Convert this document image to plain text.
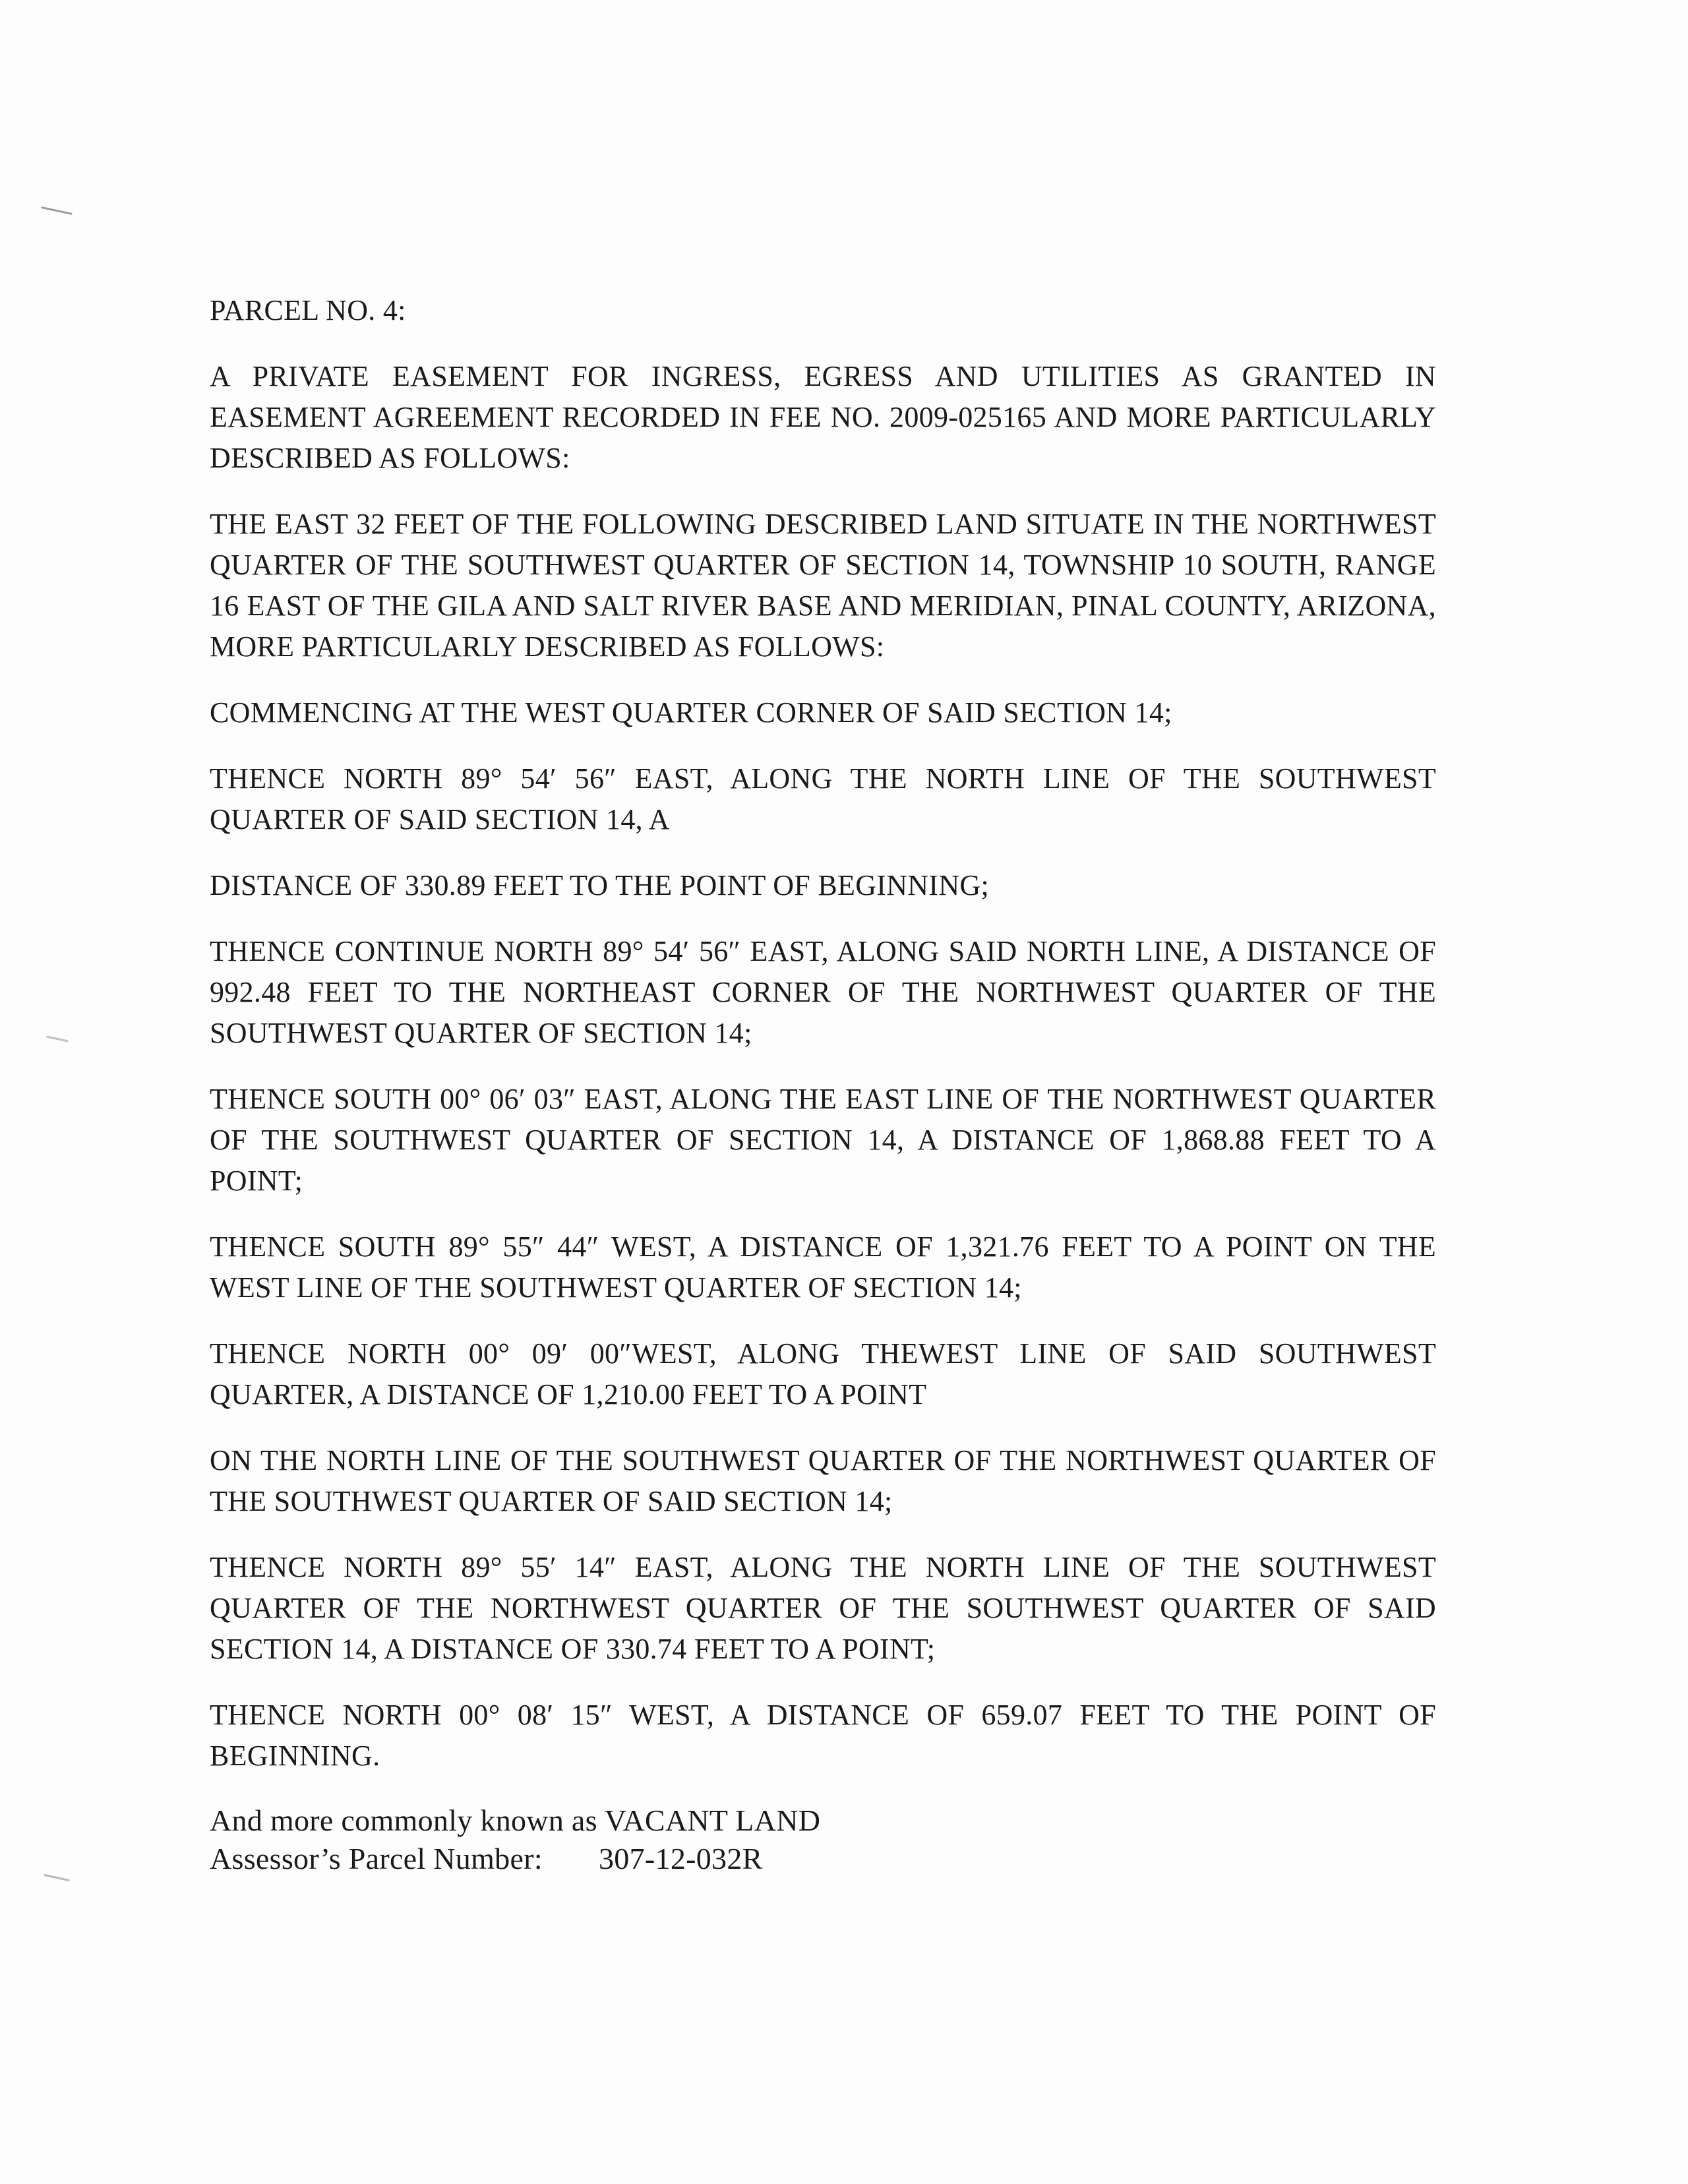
PARCEL NO. 4:

A PRIVATE EASEMENT FOR INGRESS, EGRESS AND UTILITIES AS GRANTED IN EASEMENT AGREEMENT RECORDED IN FEE NO. 2009-025165 AND MORE PARTICULARLY DESCRIBED AS FOLLOWS:

THE EAST 32 FEET OF THE FOLLOWING DESCRIBED LAND SITUATE IN THE NORTHWEST QUARTER OF THE SOUTHWEST QUARTER OF SECTION 14, TOWNSHIP 10 SOUTH, RANGE 16 EAST OF THE GILA AND SALT RIVER BASE AND MERIDIAN, PINAL COUNTY, ARIZONA, MORE PARTICULARLY DESCRIBED AS FOLLOWS:

COMMENCING AT THE WEST QUARTER CORNER OF SAID SECTION 14;

THENCE NORTH 89° 54′ 56″ EAST, ALONG THE NORTH LINE OF THE SOUTHWEST QUARTER OF SAID SECTION 14, A

DISTANCE OF 330.89 FEET TO THE POINT OF BEGINNING;

THENCE CONTINUE NORTH 89° 54′ 56″ EAST, ALONG SAID NORTH LINE, A DISTANCE OF 992.48 FEET TO THE NORTHEAST CORNER OF THE NORTHWEST QUARTER OF THE SOUTHWEST QUARTER OF SECTION 14;

THENCE SOUTH 00° 06′ 03″ EAST, ALONG THE EAST LINE OF THE NORTHWEST QUARTER OF THE SOUTHWEST QUARTER OF SECTION 14, A DISTANCE OF 1,868.88 FEET TO A POINT;

THENCE SOUTH 89° 55″ 44″ WEST, A DISTANCE OF 1,321.76 FEET TO A POINT ON THE WEST LINE OF THE SOUTHWEST QUARTER OF SECTION 14;

THENCE NORTH 00° 09′ 00″WEST, ALONG THEWEST LINE OF SAID SOUTHWEST QUARTER, A DISTANCE OF 1,210.00 FEET TO A POINT

ON THE NORTH LINE OF THE SOUTHWEST QUARTER OF THE NORTHWEST QUARTER OF THE SOUTHWEST QUARTER OF SAID SECTION 14;

THENCE NORTH 89° 55′ 14″ EAST, ALONG THE NORTH LINE OF THE SOUTHWEST QUARTER OF THE NORTHWEST QUARTER OF THE SOUTHWEST QUARTER OF SAID SECTION 14, A DISTANCE OF 330.74 FEET TO A POINT;

THENCE NORTH 00° 08′ 15″ WEST, A DISTANCE OF 659.07 FEET TO THE POINT OF BEGINNING.

And more commonly known as VACANT LAND
Assessor’s Parcel Number: 307-12-032R
